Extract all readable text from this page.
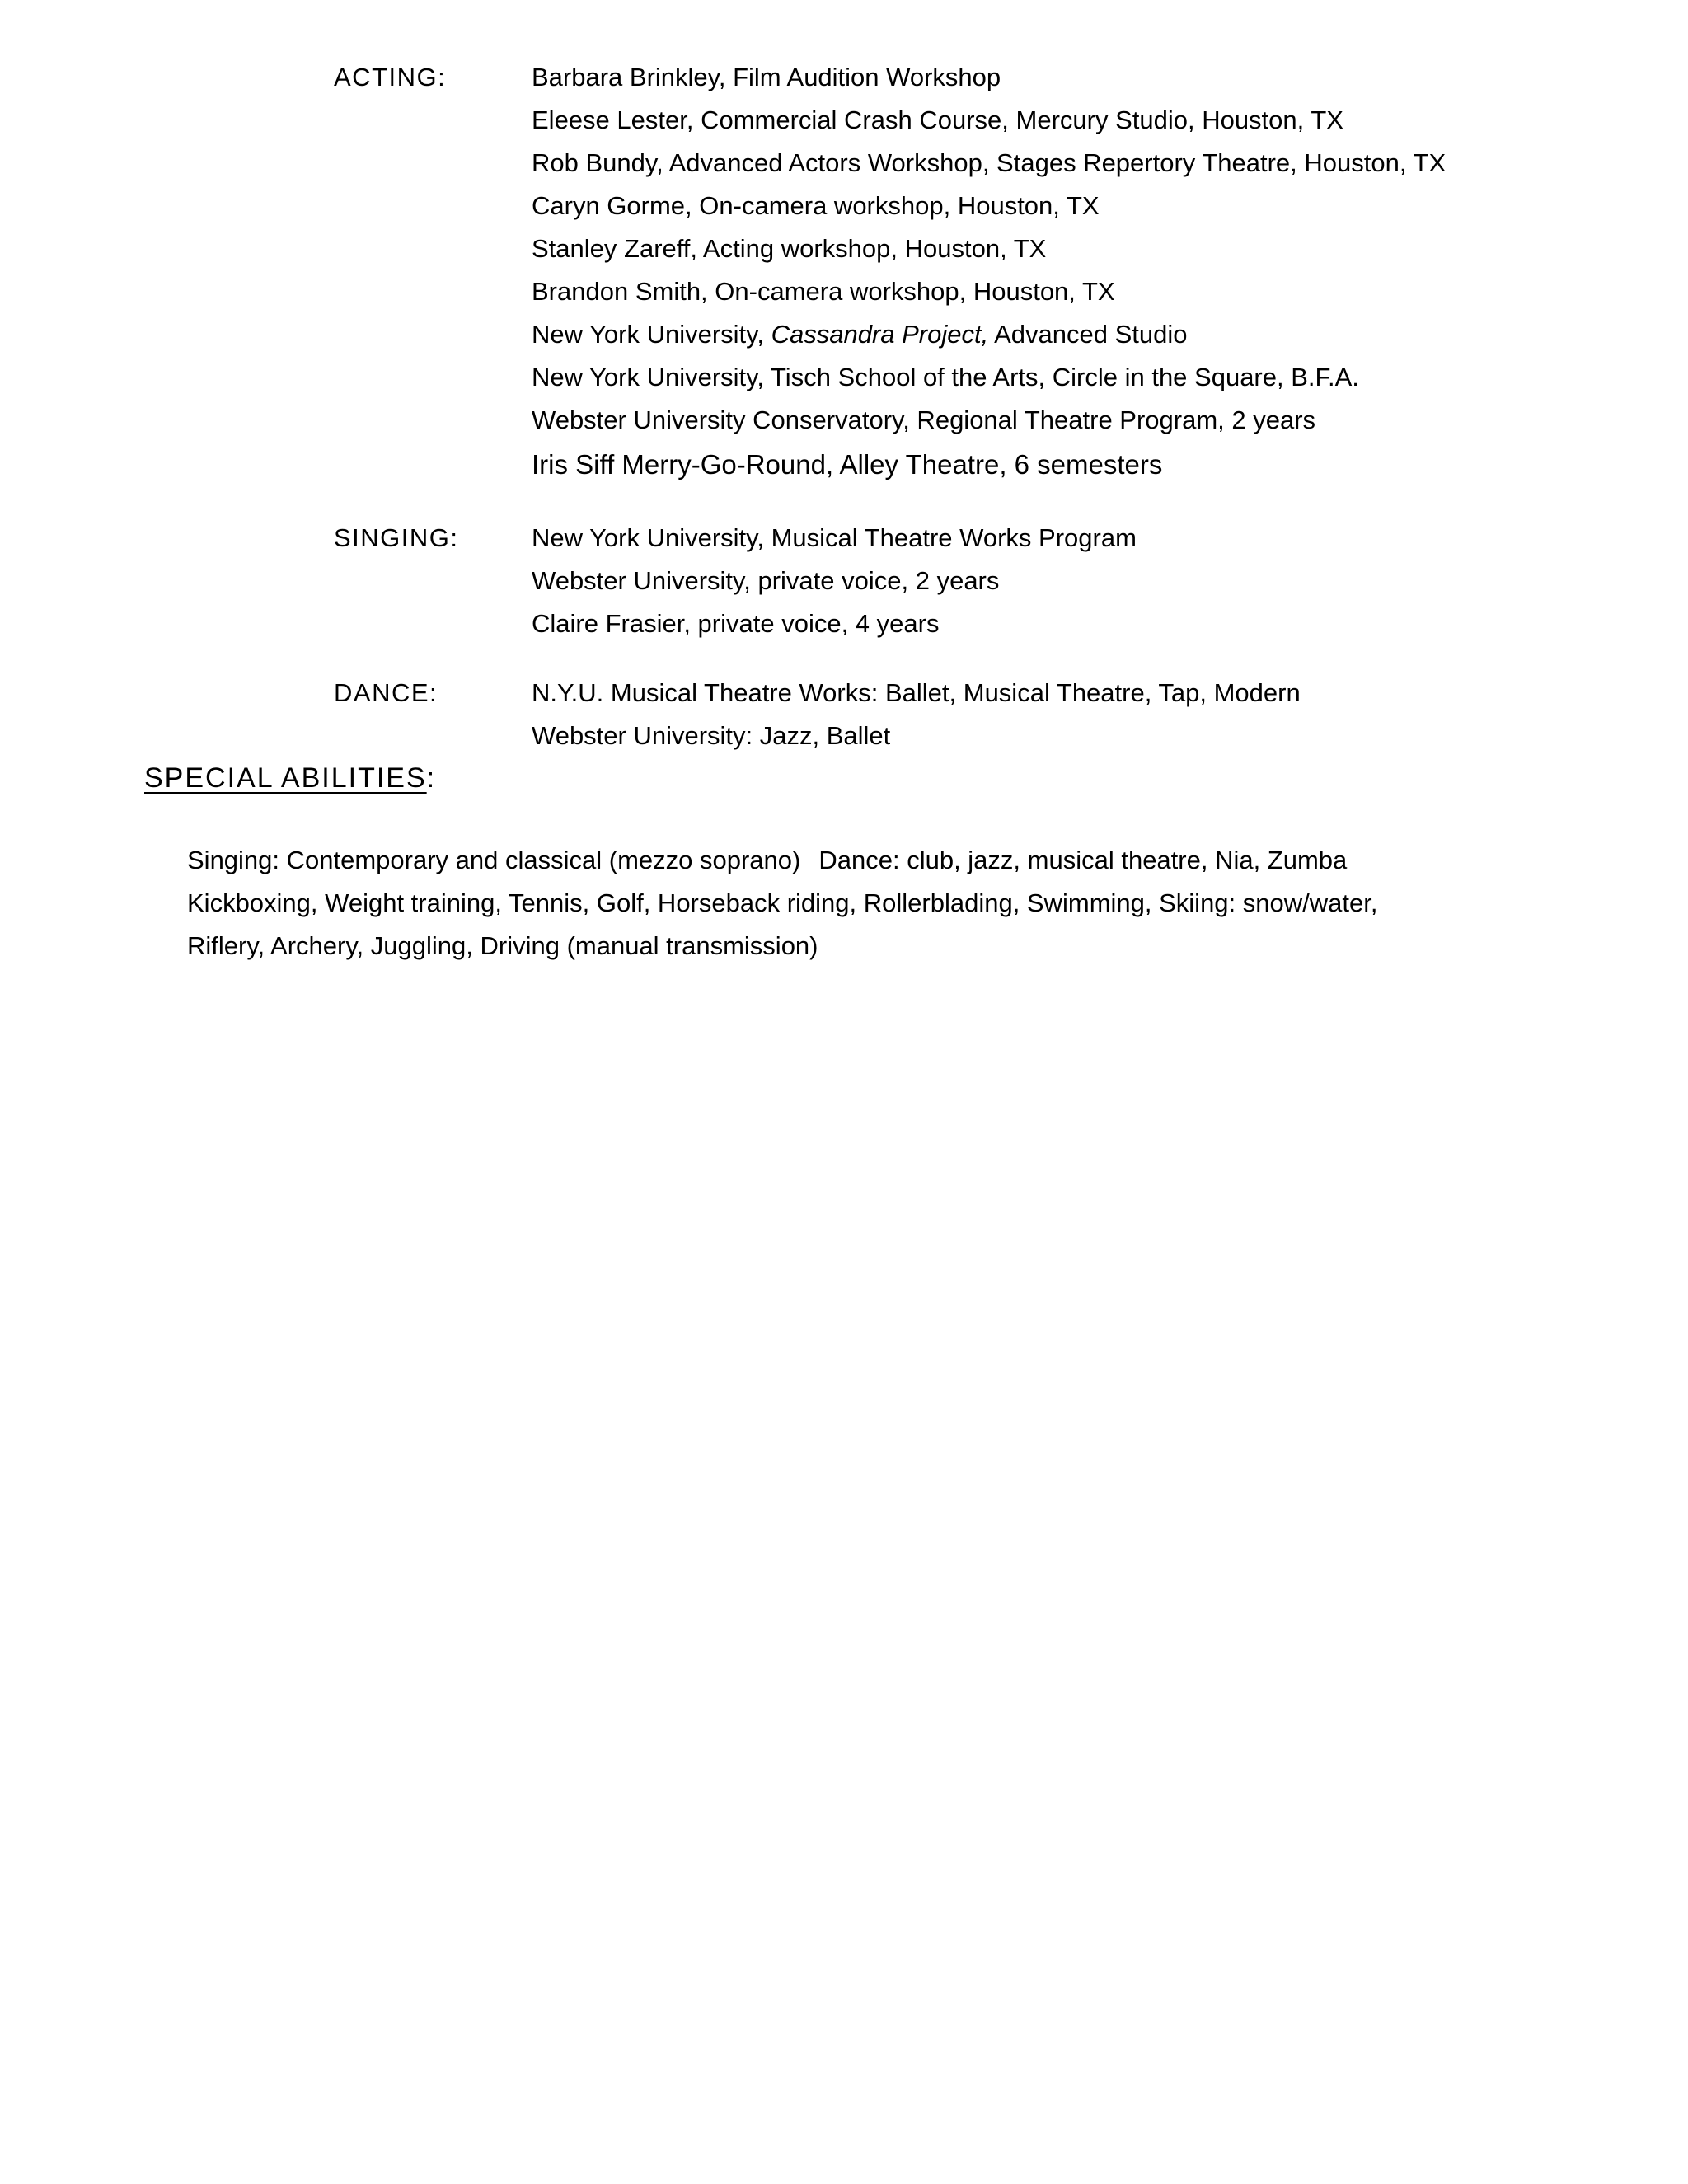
ACTING:	Barbara Brinkley, Film Audition Workshop
Eleese Lester, Commercial Crash Course, Mercury Studio, Houston, TX
Rob Bundy, Advanced Actors Workshop, Stages Repertory Theatre, Houston, TX
Caryn Gorme, On-camera workshop, Houston, TX
Stanley Zareff, Acting workshop, Houston, TX
Brandon Smith, On-camera workshop, Houston, TX
New York University, Cassandra Project, Advanced Studio
New York University, Tisch School of the Arts, Circle in the Square, B.F.A.
Webster University Conservatory, Regional Theatre Program, 2 years
Iris Siff Merry-Go-Round, Alley Theatre, 6 semesters
SINGING:	New York University, Musical Theatre Works Program
Webster University, private voice, 2 years
Claire Frasier, private voice, 4 years
DANCE:	N.Y.U. Musical Theatre Works: Ballet, Musical Theatre, Tap, Modern
Webster University: Jazz, Ballet
SPECIAL ABILITIES:
Singing: Contemporary and classical (mezzo soprano) Dance: club, jazz, musical theatre, Nia, Zumba
Kickboxing, Weight training, Tennis, Golf, Horseback riding, Rollerblading, Swimming, Skiing: snow/water,
Riflery, Archery, Juggling, Driving (manual transmission)
